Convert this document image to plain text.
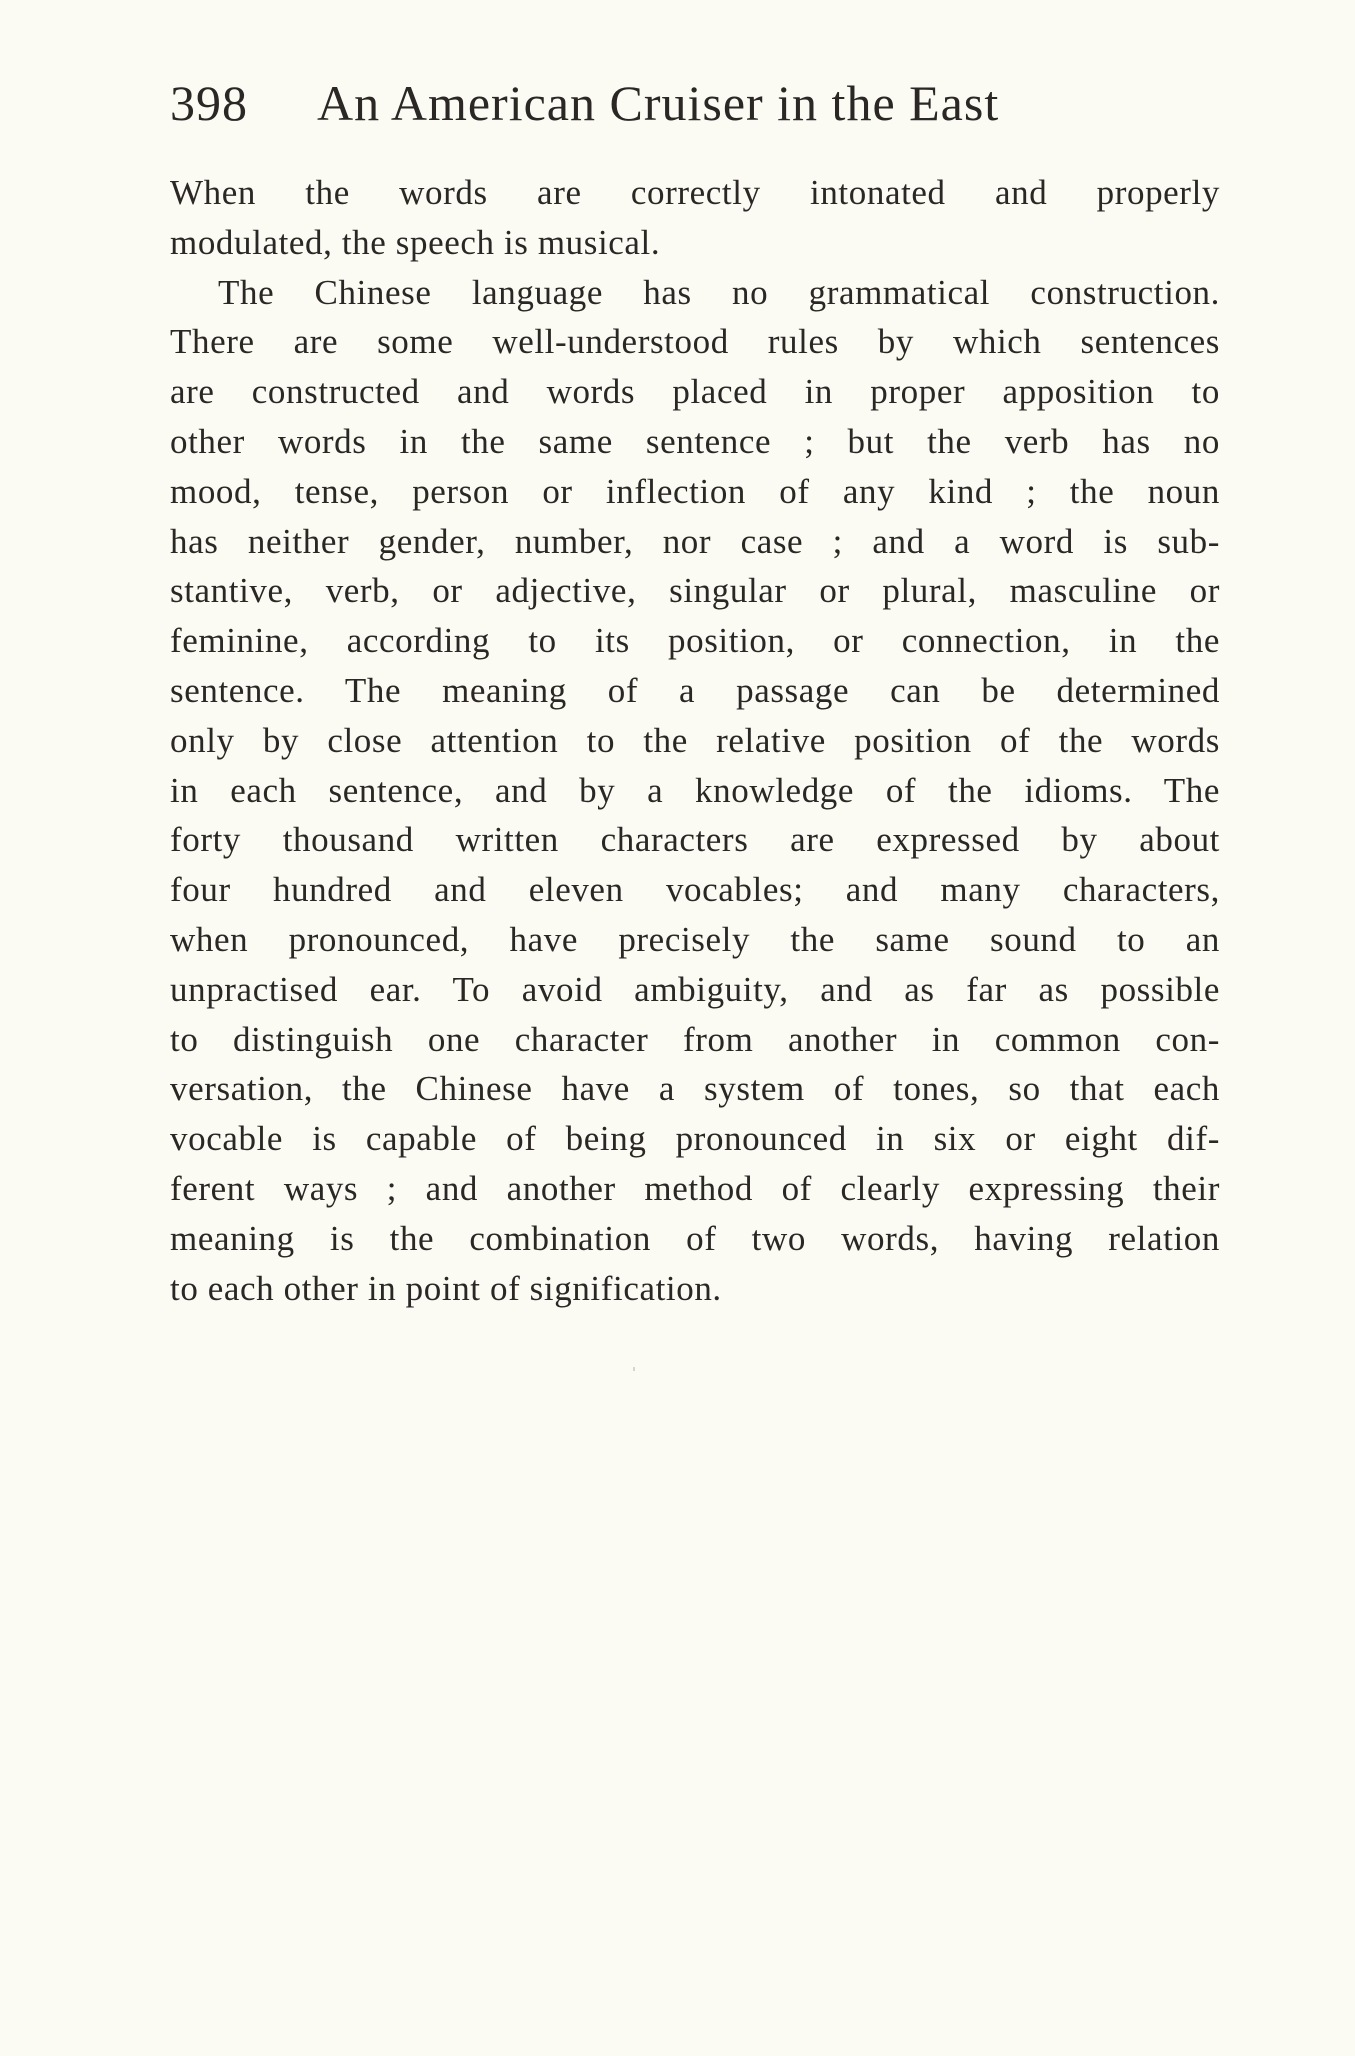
398 An American Cruiser in the East
When the words are correctly intonated and properly
modulated, the speech is musical.
The Chinese language has no grammatical construction.
There are some well-understood rules by which sentences
are constructed and words placed in proper apposition to
other words in the same sentence ; but the verb has no
mood, tense, person or inflection of any kind ; the noun
has neither gender, number, nor case ; and a word is sub-
stantive, verb, or adjective, singular or plural, masculine or
feminine, according to its position, or connection, in the
sentence. The meaning of a passage can be determined
only by close attention to the relative position of the words
in each sentence, and by a knowledge of the idioms. The
forty thousand written characters are expressed by about
four hundred and eleven vocables; and many characters,
when pronounced, have precisely the same sound to an
unpractised ear. To avoid ambiguity, and as far as possible
to distinguish one character from another in common con-
versation, the Chinese have a system of tones, so that each
vocable is capable of being pronounced in six or eight dif-
ferent ways ; and another method of clearly expressing their
meaning is the combination of two words, having relation
to each other in point of signification.
